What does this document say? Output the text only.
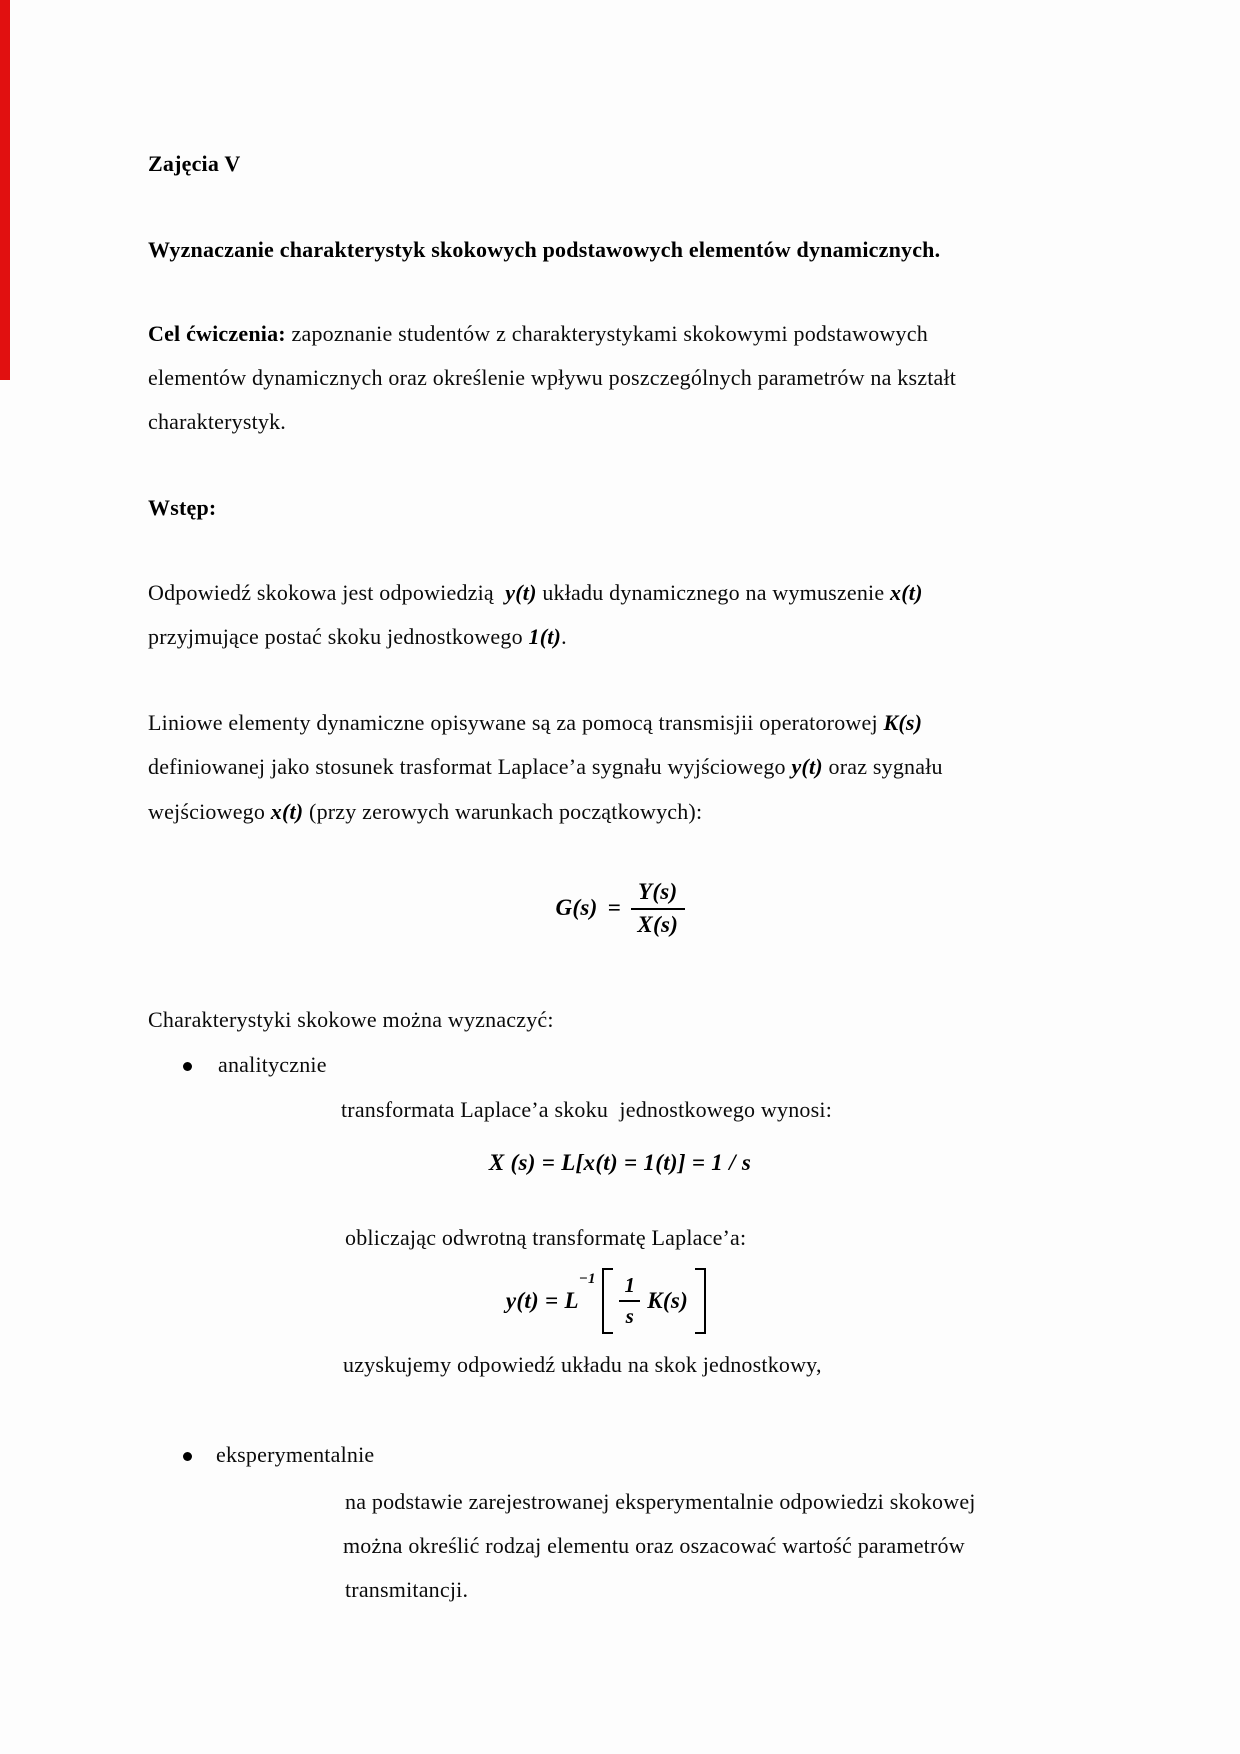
Zajęcia V
Wyznaczanie charakterystyk skokowych podstawowych elementów dynamicznych.
Cel ćwiczenia: zapoznanie studentów z charakterystykami skokowymi podstawowych
elementów dynamicznych oraz określenie wpływu poszczególnych parametrów na kształt
charakterystyk.
Wstęp:
Odpowiedź skokowa jest odpowiedzią  y(t) układu dynamicznego na wymuszenie x(t)
przyjmujące postać skoku jednostkowego 1(t).
Liniowe elementy dynamiczne opisywane są za pomocą transmisjii operatorowej K(s)
definiowanej jako stosunek trasformat Laplace’a sygnału wyjściowego y(t) oraz sygnału
wejściowego x(t) (przy zerowych warunkach początkowych):
$G(s) = \frac{Y(s)}{X(s)}$
Charakterystyki skokowe można wyznaczyć:
analitycznie
transformata Laplace’a skoku  jednostkowego wynosi:
X (s) = L[x(t) = 1(t)] = 1 / s
obliczając odwrotną transformatę Laplace’a:
y(t) = L
$-1 \frac{1}{s} K(s)$
uzyskujemy odpowiedź układu na skok jednostkowy,
eksperymentalnie
na podstawie zarejestrowanej eksperymentalnie odpowiedzi skokowej
można określić rodzaj elementu oraz oszacować wartość parametrów
transmitancji.
